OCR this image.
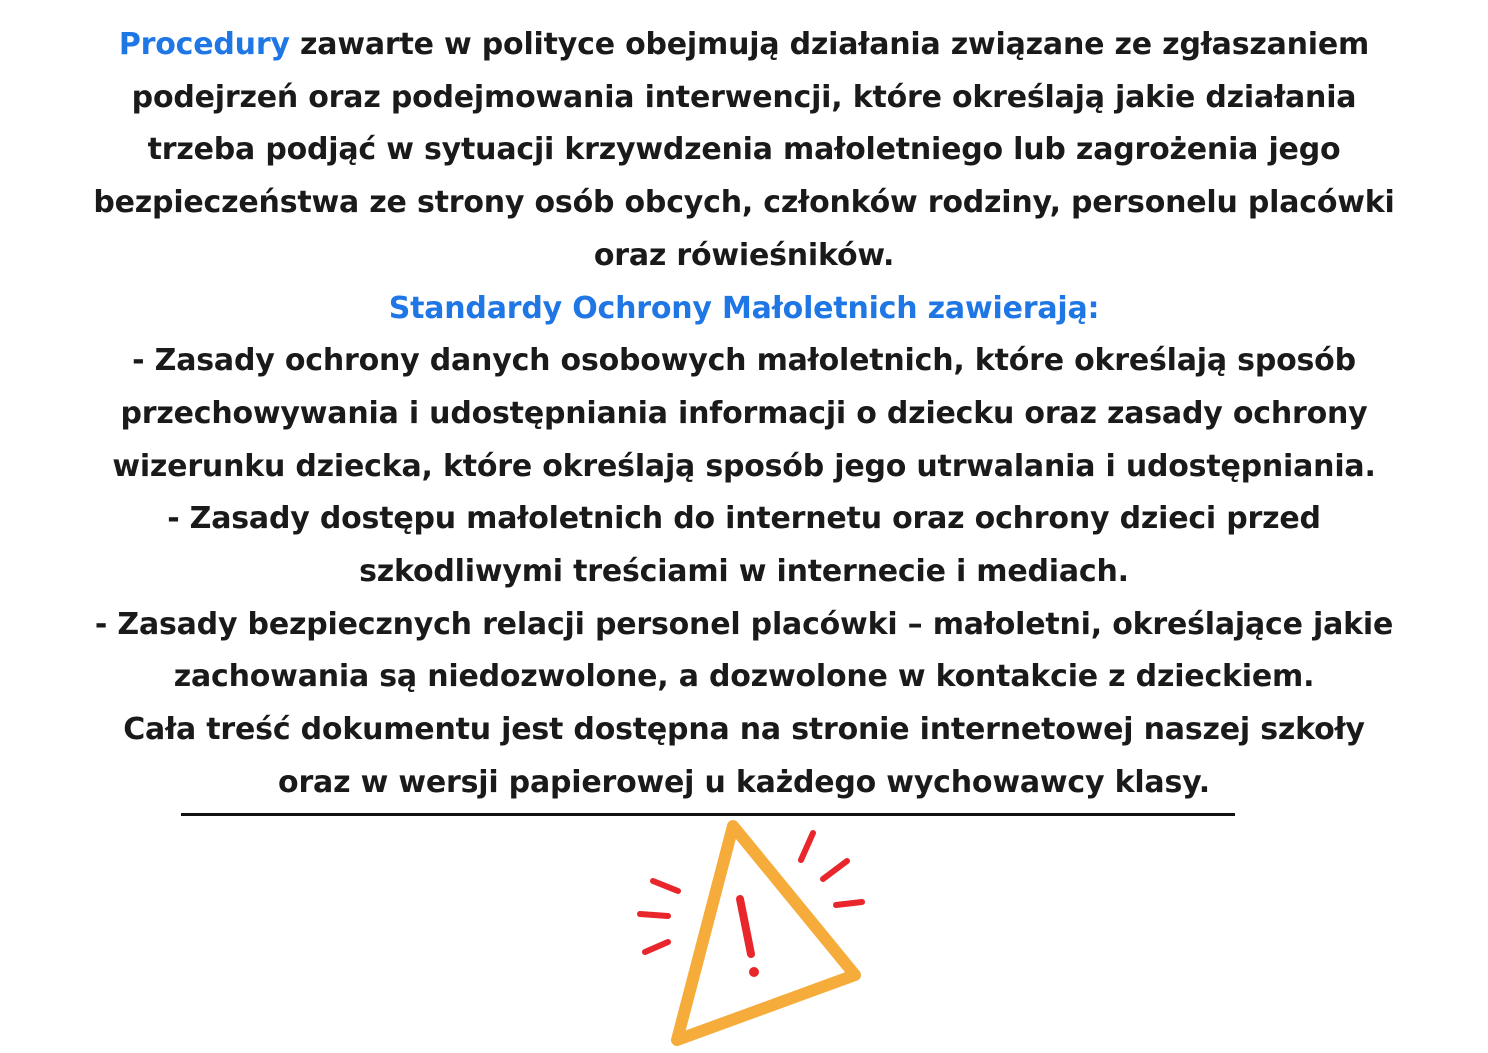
Procedury zawarte w polityce obejmują działania związane ze zgłaszaniem
podejrzeń oraz podejmowania interwencji, które określają jakie działania
trzeba podjąć w sytuacji krzywdzenia małoletniego lub zagrożenia jego
bezpieczeństwa ze strony osób obcych, członków rodziny, personelu placówki
oraz rówieśników.
Standardy Ochrony Małoletnich zawierają:
- Zasady ochrony danych osobowych małoletnich, które określają sposób
przechowywania i udostępniania informacji o dziecku oraz zasady ochrony
wizerunku dziecka, które określają sposób jego utrwalania i udostępniania.
- Zasady dostępu małoletnich do internetu oraz ochrony dzieci przed
szkodliwymi treściami w internecie i mediach.
- Zasady bezpiecznych relacji personel placówki – małoletni, określające jakie
zachowania są niedozwolone, a dozwolone w kontakcie z dzieckiem.
Cała treść dokumentu jest dostępna na stronie internetowej naszej szkoły
oraz w wersji papierowej u każdego wychowawcy klasy.
